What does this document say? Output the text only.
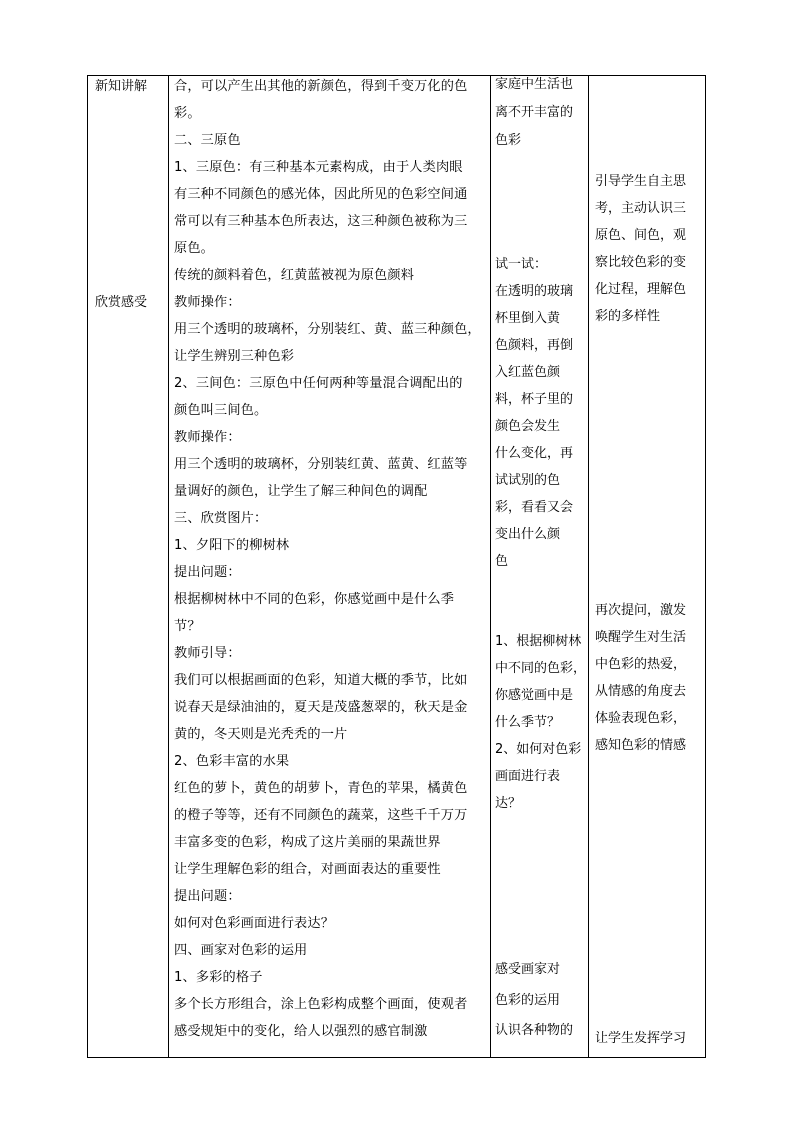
新知讲解
欣赏感受
合，可以产生出其他的新颜色，得到千变万化的色
彩。
二、三原色
1、三原色：有三种基本元素构成，由于人类肉眼
有三种不同颜色的感光体，因此所见的色彩空间通
常可以有三种基本色所表达，这三种颜色被称为三
原色。
传统的颜料着色，红黄蓝被视为原色颜料
教师操作：
用三个透明的玻璃杯，分别装红、黄、蓝三种颜色，
让学生辨别三种色彩
2、三间色：三原色中任何两种等量混合调配出的
颜色叫三间色。
教师操作：
用三个透明的玻璃杯，分别装红黄、蓝黄、红蓝等
量调好的颜色，让学生了解三种间色的调配
三、欣赏图片：
1、夕阳下的柳树林
提出问题：
根据柳树林中不同的色彩，你感觉画中是什么季
节？
教师引导：
我们可以根据画面的色彩，知道大概的季节，比如
说春天是绿油油的，夏天是茂盛葱翠的，秋天是金
黄的，冬天则是光秃秃的一片
2、色彩丰富的水果
红色的萝卜，黄色的胡萝卜，青色的苹果，橘黄色
的橙子等等，还有不同颜色的蔬菜，这些千千万万
丰富多变的色彩，构成了这片美丽的果蔬世界
让学生理解色彩的组合，对画面表达的重要性
提出问题：
如何对色彩画面进行表达？
四、画家对色彩的运用
1、多彩的格子
多个长方形组合，涂上色彩构成整个画面，使观者
感受规矩中的变化，给人以强烈的感官制激
家庭中生活也
离不开丰富的
色彩
试一试：
在透明的玻璃
杯里倒入黄
色颜料，再倒
入红蓝色颜
料，杯子里的
颜色会发生
什么变化，再
试试别的色
彩，看看又会
变出什么颜
色
1、根据柳树林
中不同的色彩，
你感觉画中是
什么季节？
2、如何对色彩
画面进行表
达？
感受画家对
色彩的运用
认识各种物的
引导学生自主思
考，主动认识三
原色、间色，观
察比较色彩的变
化过程，理解色
彩的多样性
再次提问，激发
唤醒学生对生活
中色彩的热爱，
从情感的角度去
体验表现色彩，
感知色彩的情感
让学生发挥学习
